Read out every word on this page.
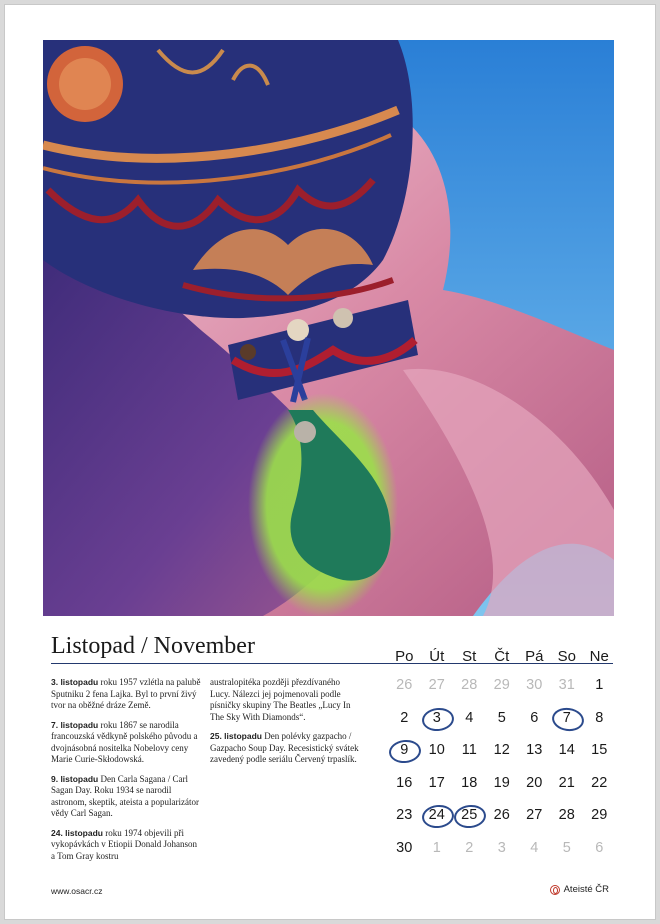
Listopad / November

3. listopadu roku 1957 vzlétla na palubě Sputniku 2 fena Lajka. Byl to první živý tvor na oběžné dráze Země.

7. listopadu roku 1867 se narodila francouzská vědkyně polského původu a dvojnásobná nositelka Nobelovy ceny Marie Curie-Skłodowská.

9. listopadu Den Carla Sagana / Carl Sagan Day. Roku 1934 se narodil astronom, skeptik, ateista a popularizátor vědy Carl Sagan.

24. listopadu roku 1974 objevili při vykopávkách v Etiopii Donald Johanson a Tom Gray kostru

australopitéka později přezdívaného Lucy. Nálezci jej pojmenovali podle písničky skupiny The Beatles „Lucy In The Sky With Diamonds“.

25. listopadu Den polévky gazpacho / Gazpacho Soup Day. Recesistický svátek zavedený podle seriálu Červený trpaslík.

Po	Út	St	Čt	Pá So Ne
26	27	28	29	30	31	1
2	3	4	5	6	7	8
9	10	11	12	13	14	15
16	17	18	19	20	21	22
23	24	25	26	27	28	29
30	1	2	3	4	5	6
www.osacr.cz	Ateisté ČR
